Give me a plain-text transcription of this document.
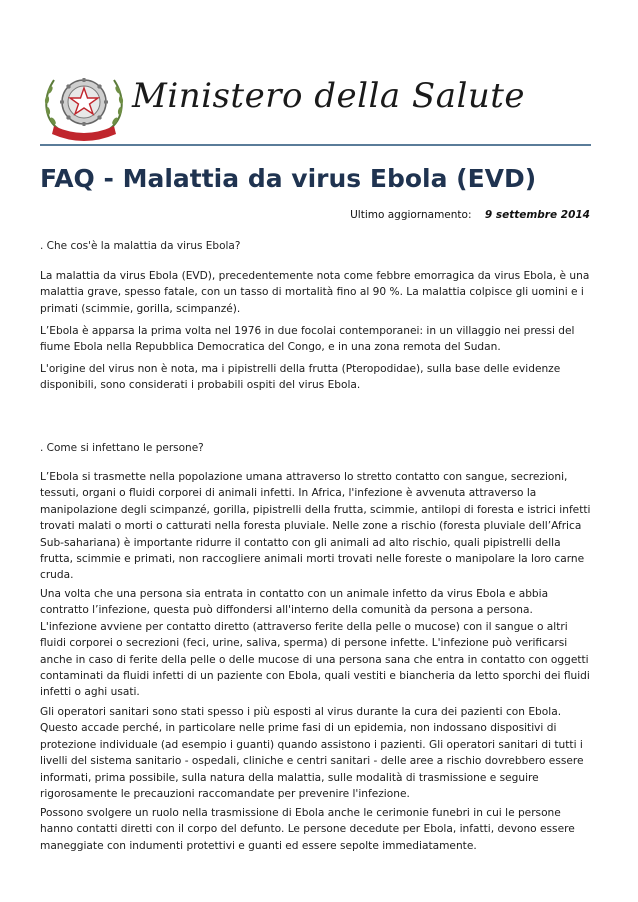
Ministero della Salute
FAQ - Malattia da virus Ebola (EVD)
Ultimo aggiornamento: 9 settembre 2014
. Che cos'è la malattia da virus Ebola?

La malattia da virus Ebola (EVD), precedentemente nota come febbre emorragica da virus Ebola, è una malattia grave, spesso fatale, con un tasso di mortalità fino al 90 %. La malattia colpisce gli uomini e i primati (scimmie, gorilla, scimpanzé).

L’Ebola è apparsa la prima volta nel 1976 in due focolai contemporanei: in un villaggio nei pressi del fiume Ebola nella Repubblica Democratica del Congo, e in una zona remota del Sudan.

L'origine del virus non è nota, ma i pipistrelli della frutta (Pteropodidae), sulla base delle evidenze disponibili, sono considerati i probabili ospiti del virus Ebola.

. Come si infettano le persone?

L’Ebola si trasmette nella popolazione umana attraverso lo stretto contatto con sangue, secrezioni, tessuti, organi o fluidi corporei di animali infetti. In Africa, l'infezione è avvenuta attraverso la manipolazione degli scimpanzé, gorilla, pipistrelli della frutta, scimmie, antilopi di foresta e istrici infetti trovati malati o morti o catturati nella foresta pluviale. Nelle zone a rischio (foresta pluviale dell’Africa Sub-sahariana) è importante ridurre il contatto con gli animali ad alto rischio, quali pipistrelli della frutta, scimmie e primati, non raccogliere animali morti trovati nelle foreste o manipolare la loro carne cruda.

Una volta che una persona sia entrata in contatto con un animale infetto da virus Ebola e abbia contratto l’infezione, questa può diffondersi all'interno della comunità da persona a persona. L'infezione avviene per contatto diretto (attraverso ferite della pelle o mucose) con il sangue o altri fluidi corporei o secrezioni (feci, urine, saliva, sperma) di persone infette. L'infezione può verificarsi anche in caso di ferite della pelle o delle mucose di una persona sana che entra in contatto con oggetti contaminati da fluidi infetti di un paziente con Ebola, quali vestiti e biancheria da letto sporchi dei fluidi infetti o aghi usati.

Gli operatori sanitari sono stati spesso i più esposti al virus durante la cura dei pazienti con Ebola. Questo accade perché, in particolare nelle prime fasi di un epidemia, non indossano dispositivi di protezione individuale (ad esempio i guanti) quando assistono i pazienti. Gli operatori sanitari di tutti i livelli del sistema sanitario - ospedali, cliniche e centri sanitari - delle aree a rischio dovrebbero essere informati, prima possibile, sulla natura della malattia, sulle modalità di trasmissione e seguire rigorosamente le precauzioni raccomandate per prevenire l'infezione.

Possono svolgere un ruolo nella trasmissione di Ebola anche le cerimonie funebri in cui le persone hanno contatti diretti con il corpo del defunto. Le persone decedute per Ebola, infatti, devono essere maneggiate con indumenti protettivi e guanti ed essere sepolte immediatamente.
